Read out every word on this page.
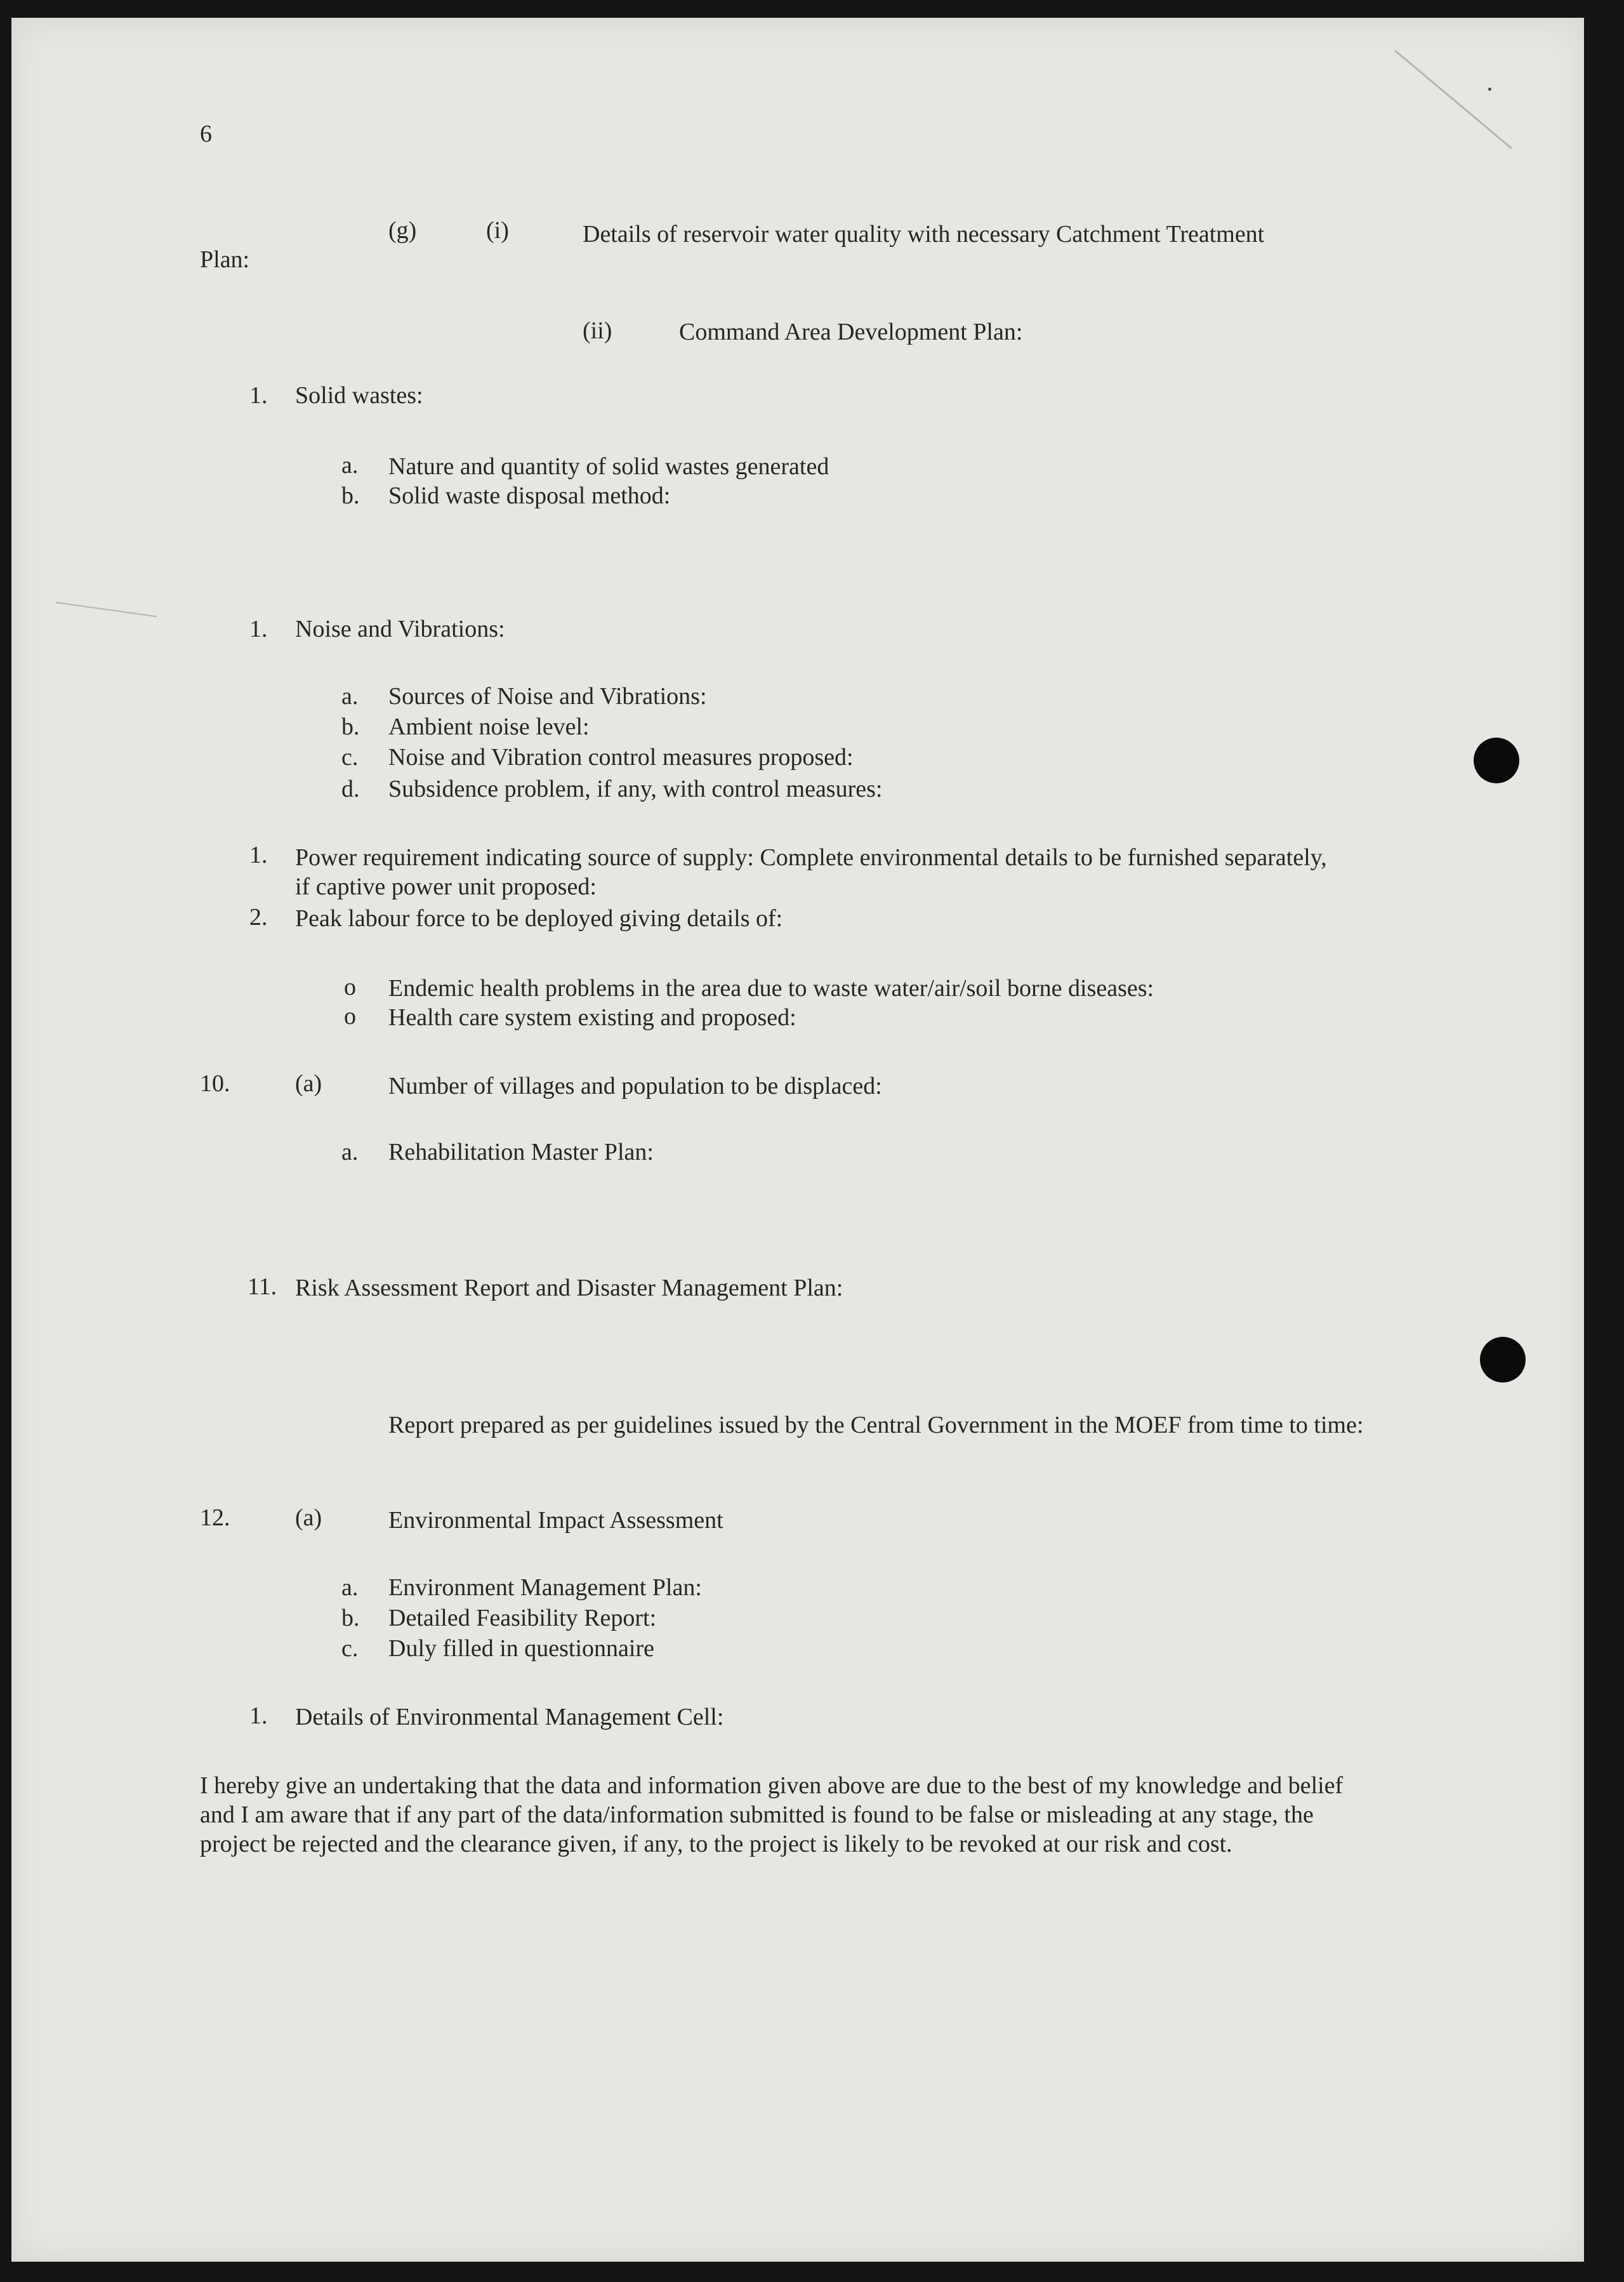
6
(g)	(i)	Details of reservoir water quality with necessary Catchment Treatment
Plan:
(ii)	Command Area Development Plan:
1. Solid wastes:
a. Nature and quantity of solid wastes generated
b. Solid waste disposal method:
1. Noise and Vibrations:
a. Sources of Noise and Vibrations:
b. Ambient noise level:
c. Noise and Vibration control measures proposed:
d. Subsidence problem, if any, with control measures:
1. Power requirement indicating source of supply: Complete environmental details to be furnished separately, if captive power unit proposed:
2. Peak labour force to be deployed giving details of:
o Endemic health problems in the area due to waste water/air/soil borne diseases:
o Health care system existing and proposed:
10.	(a)	Number of villages and population to be displaced:
a. Rehabilitation Master Plan:
11. Risk Assessment Report and Disaster Management Plan:
Report prepared as per guidelines issued by the Central Government in the MOEF from time to time:
12.	(a)	Environmental Impact Assessment
a. Environment Management Plan:
b. Detailed Feasibility Report:
c. Duly filled in questionnaire
1. Details of Environmental Management Cell:
I hereby give an undertaking that the data and information given above are due to the best of my knowledge and belief and I am aware that if any part of the data/information submitted is found to be false or misleading at any stage, the project be rejected and the clearance given, if any, to the project is likely to be revoked at our risk and cost.
